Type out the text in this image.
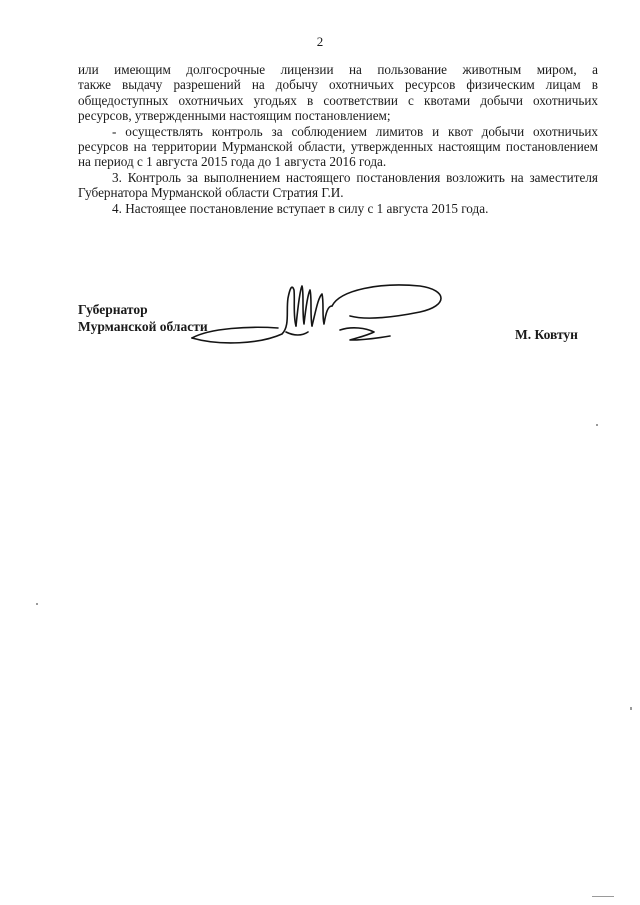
2

или имеющим долгосрочные лицензии на пользование животным миром, а

также выдачу разрешений на добычу охотничьих ресурсов физическим лицам в общедоступных охотничьих угодьях в соответствии с квотами добычи охотничьих ресурсов, утвержденными настоящим постановлением;

- осуществлять контроль за соблюдением лимитов и квот добычи охотничьих ресурсов на территории Мурманской области, утвержденных настоящим постановлением на период с 1 августа 2015 года до 1 августа 2016 года.

3. Контроль за выполнением настоящего постановления возложить на заместителя Губернатора Мурманской области Стратия Г.И.

4. Настоящее постановление вступает в силу с 1 августа 2015 года.

Губернатор
Мурманской области
М. Ковтун
